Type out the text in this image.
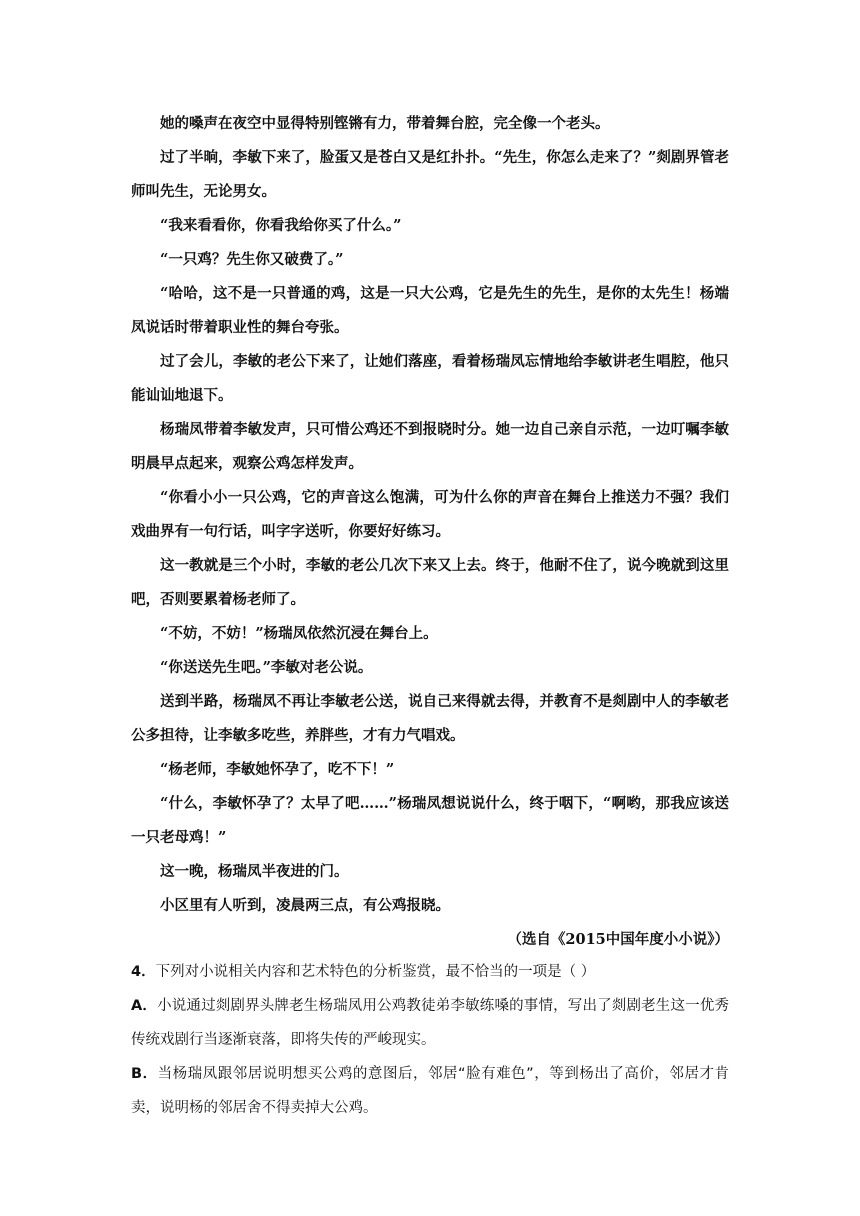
她的嗓声在夜空中显得特别铿锵有力，带着舞台腔，完全像一个老头。

过了半晌，李敏下来了，脸蛋又是苍白又是红扑扑。“先生，你怎么走来了？”剡剧界管老师叫先生，无论男女。

“我来看看你，你看我给你买了什么。”

“一只鸡？先生你又破费了。”

“哈哈，这不是一只普通的鸡，这是一只大公鸡，它是先生的先生，是你的太先生！杨端凤说话时带着职业性的舞台夸张。

过了会儿，李敏的老公下来了，让她们落座，看着杨瑞凤忘情地给李敏讲老生唱腔，他只能讪讪地退下。

杨瑞凤带着李敏发声，只可惜公鸡还不到报晓时分。她一边自己亲自示范，一边叮嘱李敏明晨早点起来，观察公鸡怎样发声。

“你看小小一只公鸡，它的声音这么饱满，可为什么你的声音在舞台上推送力不强？我们戏曲界有一句行话，叫字字送听，你要好好练习。

这一教就是三个小时，李敏的老公几次下来又上去。终于，他耐不住了，说今晚就到这里吧，否则要累着杨老师了。

“不妨，不妨！”杨瑞凤依然沉浸在舞台上。

“你送送先生吧。”李敏对老公说。

送到半路，杨瑞凤不再让李敏老公送，说自己来得就去得，并教育不是剡剧中人的李敏老公多担待，让李敏多吃些，养胖些，才有力气唱戏。

“杨老师，李敏她怀孕了，吃不下！”

“什么，李敏怀孕了？太早了吧……”杨瑞凤想说说什么，终于咽下，“啊哟，那我应该送一只老母鸡！”

这一晚，杨瑞凤半夜进的门。

小区里有人听到，凌晨两三点，有公鸡报晓。

（选自《2015中国年度小小说》）

4．下列对小说相关内容和艺术特色的分析鉴赏，最不恰当的一项是（ ）

A．小说通过剡剧界头牌老生杨瑞凤用公鸡教徒弟李敏练嗓的事情，写出了剡剧老生这一优秀传统戏剧行当逐渐衰落，即将失传的严峻现实。

B．当杨瑞凤跟邻居说明想买公鸡的意图后，邻居“脸有难色”，等到杨出了高价，邻居才肯卖，说明杨的邻居舍不得卖掉大公鸡。
